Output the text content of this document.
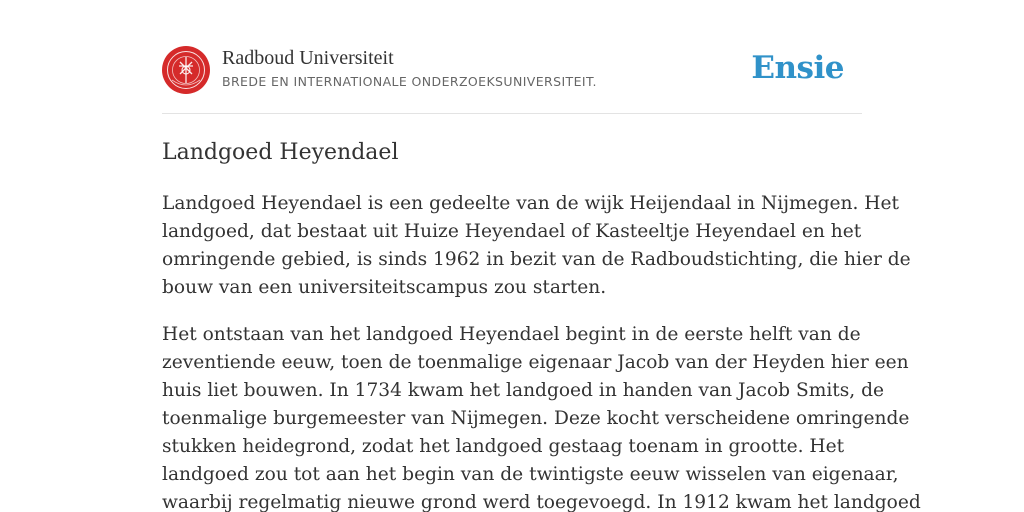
Radboud Universiteit
BREDE EN INTERNATIONALE ONDERZOEKSUNIVERSITEIT.	Ensie
Landgoed Heyendael

Landgoed Heyendael is een gedeelte van de wijk Heijendaal in Nijmegen. Het
landgoed, dat bestaat uit Huize Heyendael of Kasteeltje Heyendael en het
omringende gebied, is sinds 1962 in bezit van de Radboudstichting, die hier de
bouw van een universiteitscampus zou starten.

Het ontstaan van het landgoed Heyendael begint in de eerste helft van de
zeventiende eeuw, toen de toenmalige eigenaar Jacob van der Heyden hier een
huis liet bouwen. In 1734 kwam het landgoed in handen van Jacob Smits, de
toenmalige burgemeester van Nijmegen. Deze kocht verscheidene omringende
stukken heidegrond, zodat het landgoed gestaag toenam in grootte. Het
landgoed zou tot aan het begin van de twintigste eeuw wisselen van eigenaar,
waarbij regelmatig nieuwe grond werd toegevoegd. In 1912 kwam het landgoed
